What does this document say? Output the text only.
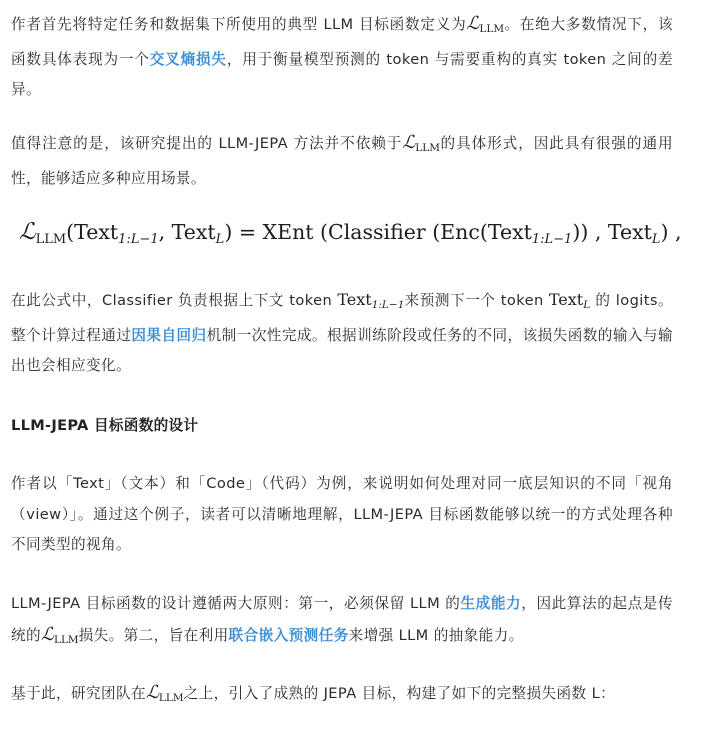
作者首先将特定任务和数据集下所使用的典型 LLM 目标函数定义为ℒ$_{LLM}$。在绝大多数情况下，该函数具体表现为一个交叉熵损失，用于衡量模型预测的 token 与需要重构的真实 token 之间的差异。

值得注意的是，该研究提出的 LLM-JEPA 方法并不依赖于ℒ$_{LLM}$的具体形式，因此具有很强的通用性，能够适应多种应用场景。

ℒ$_{LLM}$(Text$_{1:L-1}$, Text$_L$) = XEnt (Classifier (Enc(Text$_{1:L-1}$)) , Text$_L$) ,

在此公式中，Classifier 负责根据上下文 token Text$_{1:L-1}$来预测下一个 token Text$_L$ 的 logits。整个计算过程通过因果自回归机制一次性完成。根据训练阶段或任务的不同，该损失函数的输入与输出也会相应变化。

LLM-JEPA 目标函数的设计

作者以「Text」（文本）和「Code」（代码）为例，来说明如何处理对同一底层知识的不同「视角（view）」。通过这个例子，读者可以清晰地理解，LLM-JEPA 目标函数能够以统一的方式处理各种不同类型的视角。

LLM-JEPA 目标函数的设计遵循两大原则：第一，必须保留 LLM 的生成能力，因此算法的起点是传统的ℒ$_{LLM}$损失。第二，旨在利用联合嵌入预测任务来增强 LLM 的抽象能力。

基于此，研究团队在ℒ$_{LLM}$之上，引入了成熟的 JEPA 目标，构建了如下的完整损失函数 L：
